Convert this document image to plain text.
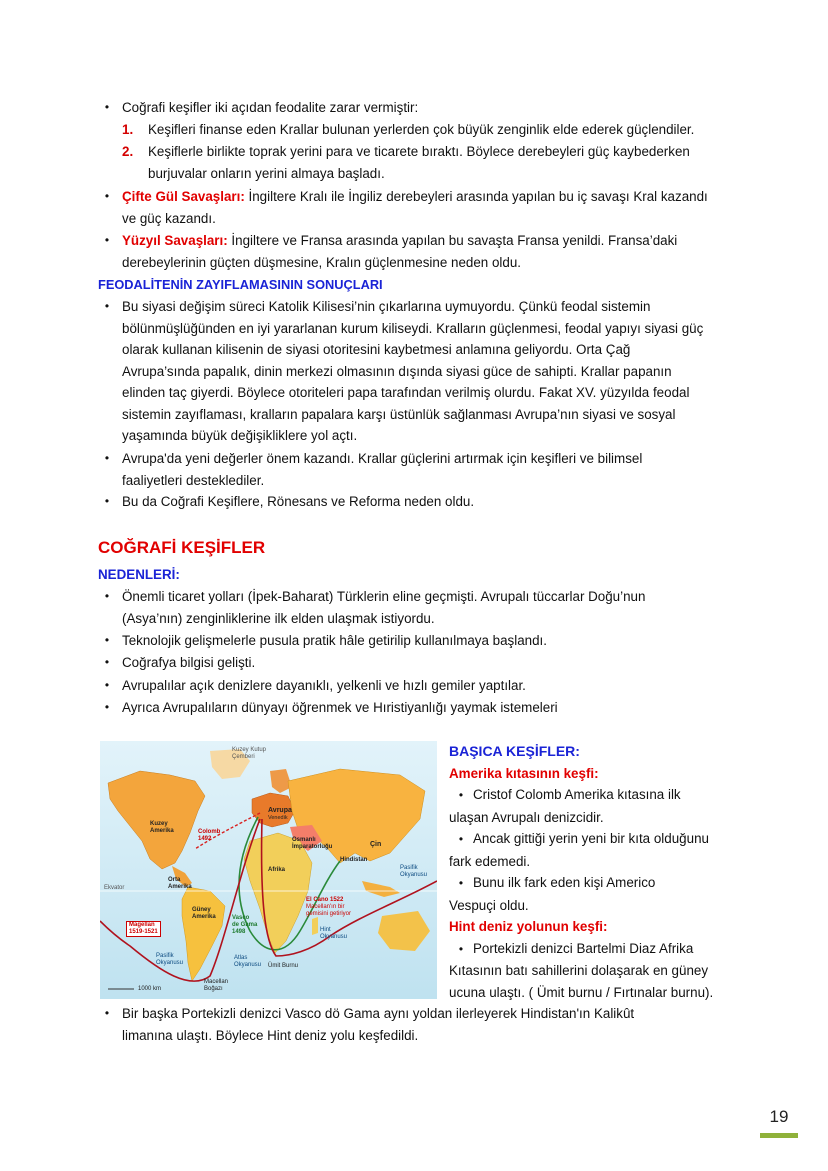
• Coğrafi keşifler iki açıdan feodalite zarar vermiştir:
1. Keşifleri finanse eden Krallar bulunan yerlerden çok büyük zenginlik elde ederek güçlendiler.
2. Keşiflerle birlikte toprak yerini para ve ticarete bıraktı. Böylece derebeyleri güç kaybederken
burjuvalar onların yerini almaya başladı.
• Çifte Gül Savaşları: İngiltere Kralı ile İngiliz derebeyleri arasında yapılan bu iç savaşı Kral kazandı
ve güç kazandı.
• Yüzyıl Savaşları: İngiltere ve Fransa arasında yapılan bu savaşta Fransa yenildi. Fransa’daki
derebeylerinin güçten düşmesine, Kralın güçlenmesine neden oldu.
FEODALİTENİN ZAYIFLAMASININ SONUÇLARI
• Bu siyasi değişim süreci Katolik Kilisesi’nin çıkarlarına uymuyordu. Çünkü feodal sistemin
bölünmüşlüğünden en iyi yararlanan kurum kiliseydi. Kralların güçlenmesi, feodal yapıyı siyasi güç
olarak kullanan kilisenin de siyasi otoritesini kaybetmesi anlamına geliyordu. Orta Çağ
Avrupa’sında papalık, dinin merkezi olmasının dışında siyasi güce de sahipti. Krallar papanın
elinden taç giyerdi. Böylece otoriteleri papa tarafından verilmiş olurdu. Fakat XV. yüzyılda feodal
sistemin zayıflaması, kralların papalara karşı üstünlük sağlanması Avrupa’nın siyasi ve sosyal
yaşamında büyük değişikliklere yol açtı.
• Avrupa'da yeni değerler önem kazandı. Krallar güçlerini artırmak için keşifleri ve bilimsel
faaliyetleri desteklediler.
• Bu da Coğrafi Keşiflere, Rönesans ve Reforma neden oldu.
COĞRAFİ KEŞİFLER
NEDENLERİ:
• Önemli ticaret yolları (İpek-Baharat) Türklerin eline geçmişti. Avrupalı tüccarlar Doğu’nun
(Asya’nın) zenginliklerine ilk elden ulaşmak istiyordu.
• Teknolojik gelişmelerle pusula pratik hâle getirilip kullanılmaya başlandı.
• Coğrafya bilgisi gelişti.
• Avrupalılar açık denizlere dayanıklı, yelkenli ve hızlı gemiler yaptılar.
• Ayrıca Avrupalıların dünyayı öğrenmek ve Hıristiyanlığı yaymak istemeleri
Kuzey Kutup
Çemberi
Avrupa
Venedik
Kuzey
Amerika	Colomb
1492	Osmanlı
İmparatorluğu	Çin
Hindistan
Pasifik
Okyanusu
Afrika
Orta
Amerika
Ekvator
El Cano 1522
Macellan'ın bir
gemisini getiriyor
Güney
Amerika	Vasco
de Gama
1498	Hint
Okyanusu
Magellan
1519-1521
Pasifik
Okyanusu
Atlas
Okyanusu Ümit Burnu
Macellan
Boğazı
1000 km
BAŞICA KEŞİFLER:
Amerika kıtasının keşfi:
• Cristof Colomb Amerika kıtasına ilk
ulaşan Avrupalı denizcidir.
• Ancak gittiği yerin yeni bir kıta olduğunu
fark edemedi.
• Bunu ilk fark eden kişi Americo
Vespuçi oldu.
Hint deniz yolunun keşfi:
• Portekizli denizci Bartelmi Diaz Afrika
Kıtasının batı sahillerini dolaşarak en güney
ucuna ulaştı. ( Ümit burnu / Fırtınalar burnu).
• Bir başka Portekizli denizci Vasco dö Gama aynı yoldan ilerleyerek Hindistan'ın Kalikût
limanına ulaştı. Böylece Hint deniz yolu keşfedildi.
19
